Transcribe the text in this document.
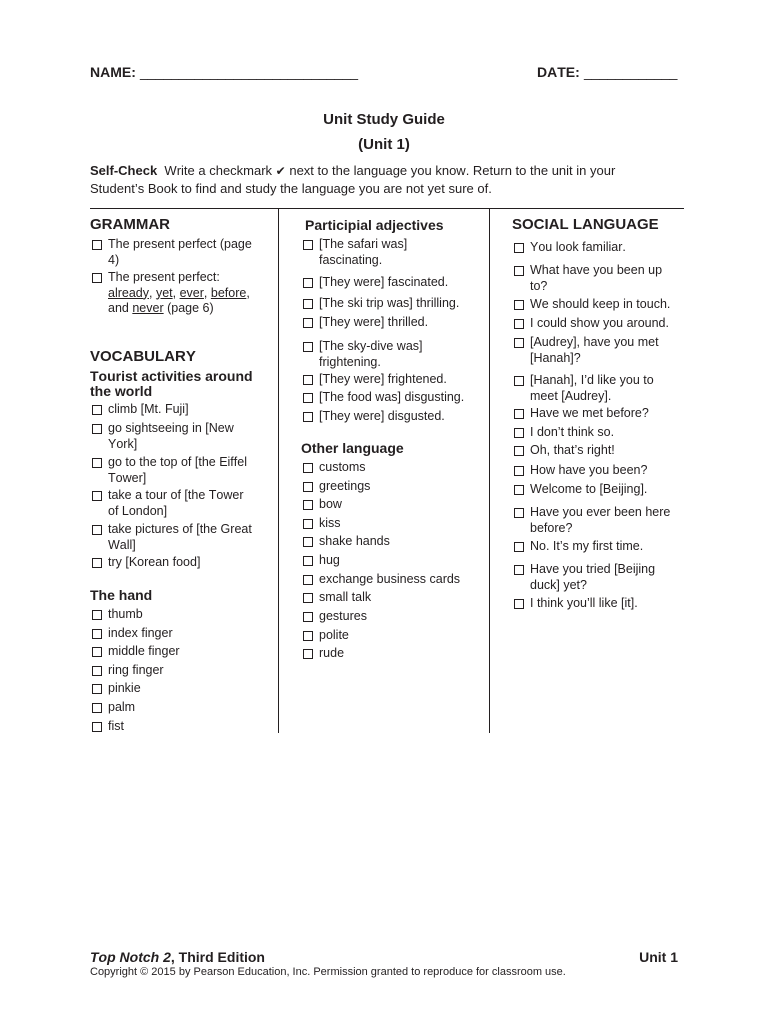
NAME: ____________________________	DATE: ____________
Unit Study Guide
(Unit 1)
Self-Check  Write a checkmark ✔  next to the language you know. Return to the unit in your
Student’s Book to find and study the language you are not yet sure of.
GRAMMAR
The present perfect (page
4)
The present perfect:
already, yet, ever, before,
and never (page 6)
VOCABULARY
Tourist activities around
the world
climb [Mt. Fuji]
go sightseeing in [New
York]
go to the top of [the Eiffel
Tower]
take a tour of [the Tower
of London]
take pictures of [the Great
Wall]
try [Korean food]
The hand
thumb
index finger
middle finger
ring finger
pinkie
palm
fist
Participial adjectives
[The safari was]
fascinating.
[They were] fascinated.
[The ski trip was] thrilling.
[They were] thrilled.
[The sky-dive was]
frightening.
[They were] frightened.
[The food was] disgusting.
[They were] disgusted.
Other language
customs
greetings
bow
kiss
shake hands
hug
exchange business cards
small talk
gestures
polite
rude
SOCIAL LANGUAGE
You look familiar.
What have you been up
to?
We should keep in touch.
I could show you around.
[Audrey], have you met
[Hanah]?
[Hanah], I’d like you to
meet [Audrey].
Have we met before?
I don’t think so.
Oh, that’s right!
How have you been?
Welcome to [Beijing].
Have you ever been here
before?
No. It’s my first time.
Have you tried [Beijing
duck] yet?
I think you’ll like [it].
Top Notch 2, Third Edition	Unit 1
Copyright © 2015 by Pearson Education, Inc. Permission granted to reproduce for classroom use.
